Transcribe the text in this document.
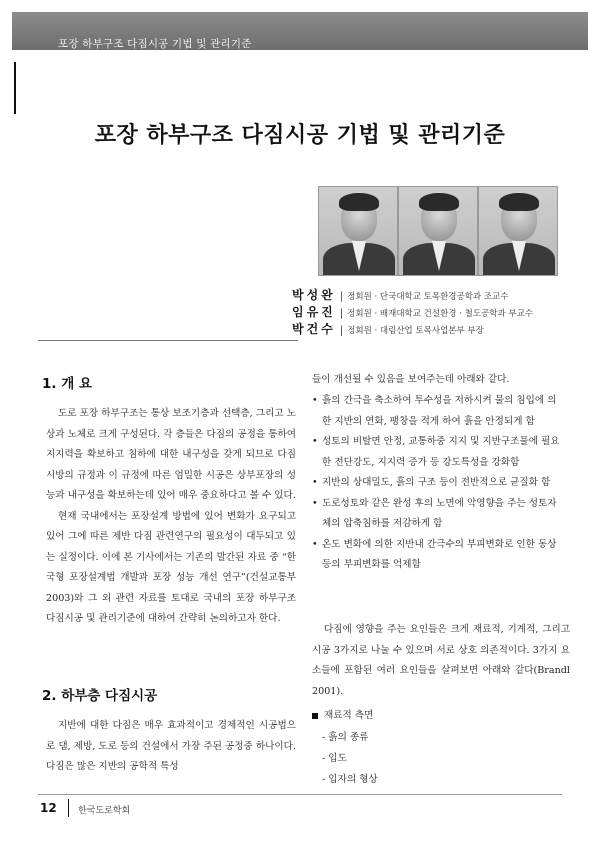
포장 하부구조 다짐시공 기법 및 관리기준
포장 하부구조 다짐시공 기법 및 관리기준
박성완 | 정회원 · 단국대학교 토목환경공학과 조교수
임유진 | 정회원 · 배재대학교 건설환경 · 철도공학과 부교수
박건수 | 정회원 · 대림산업 토목사업본부 부장
1. 개 요

도로 포장 하부구조는 통상 보조기층과 선택층, 그리고 노상과 노체로 크게 구성된다. 각 층들은 다짐의 공정을 통하여 지지력을 확보하고 침하에 대한 내구성을 갖게 되므로 다짐 시방의 규정과 이 규정에 따른 엄밀한 시공은 상부포장의 성능과 내구성을 확보하는데 있어 매우 중요하다고 볼 수 있다.

현재 국내에서는 포장설계 방법에 있어 변화가 요구되고 있어 그에 따른 제반 다짐 관련연구의 필요성이 대두되고 있는 실정이다. 이에 본 기사에서는 기존의 발간된 자료 중 “한국형 포장설계법 개발과 포장 성능 개선 연구”(건설교통부 2003)와 그 외 관련 자료를 토대로 국내의 포장 하부구조 다짐시공 및 관리기준에 대하여 간략히 논의하고자 한다.

2. 하부층 다짐시공

지반에 대한 다짐은 매우 효과적이고 경제적인 시공법으로 댐, 제방, 도로 등의 건설에서 가장 주된 공정중 하나이다. 다짐은 많은 지반의 공학적 특성

들이 개선될 수 있음을 보여주는데 아래와 같다.
• 흙의 간극을 축소하여 투수성을 저하시켜 물의 침입에 의한 지반의 연화, 팽창을 적게 하여 흙을 안정되게 함
• 성토의 비탈면 안정, 교통하중 지지 및 지반구조물에 필요한 전단강도, 지지력 증가 등 강도특성을 강화함
• 지반의 상대밀도, 흙의 구조 등이 전반적으로 균질화 함
• 도로성토와 같은 완성 후의 노면에 악영향을 주는 성토자체의 압축침하를 저감하게 함
• 온도 변화에 의한 지반내 간극수의 부피변화로 인한 동상 등의 부피변화를 억제함

다짐에 영향을 주는 요인들은 크게 재료적, 기계적, 그리고 시공 3가지로 나눌 수 있으며 서로 상호 의존적이다. 3가지 요소들에 포함된 여러 요인들을 살펴보면 아래와 같다(Brandl 2001).

재료적 측면
- 흙의 종류
- 입도
- 입자의 형상
12 한국도로학회
